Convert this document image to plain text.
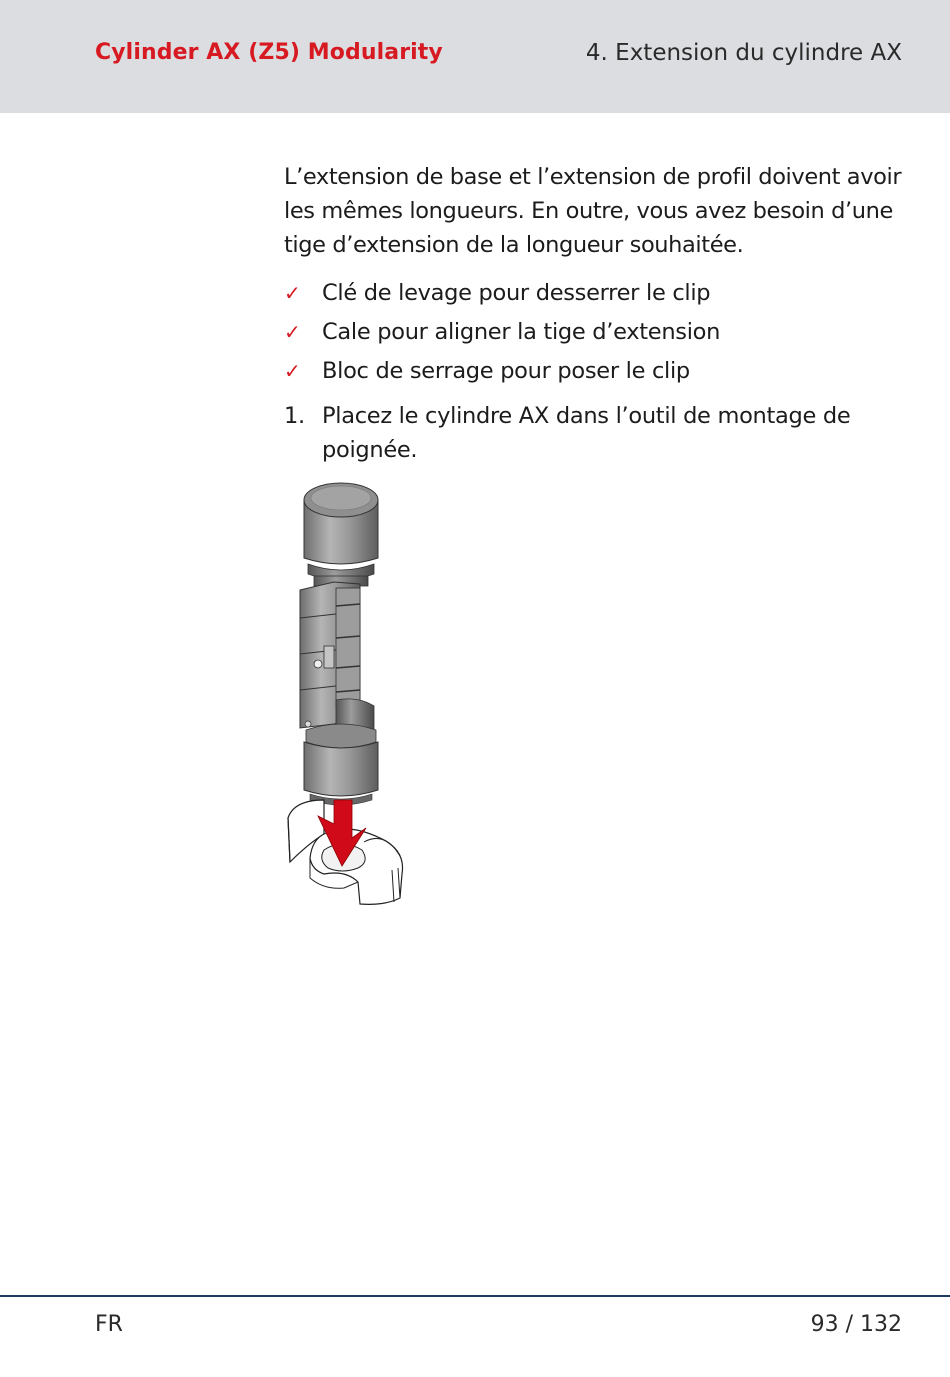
Cylinder AX (Z5) Modularity	4. Extension du cylindre AX

L’extension de base et l’extension de profil doivent avoir les mêmes longueurs. En outre, vous avez besoin d’une tige d’extension de la longueur souhaitée.

✓ Clé de levage pour desserrer le clip
✓ Cale pour aligner la tige d’extension
✓ Bloc de serrage pour poser le clip
1. Placez le cylindre AX dans l’outil de montage de poignée.
FR	93 / 132
